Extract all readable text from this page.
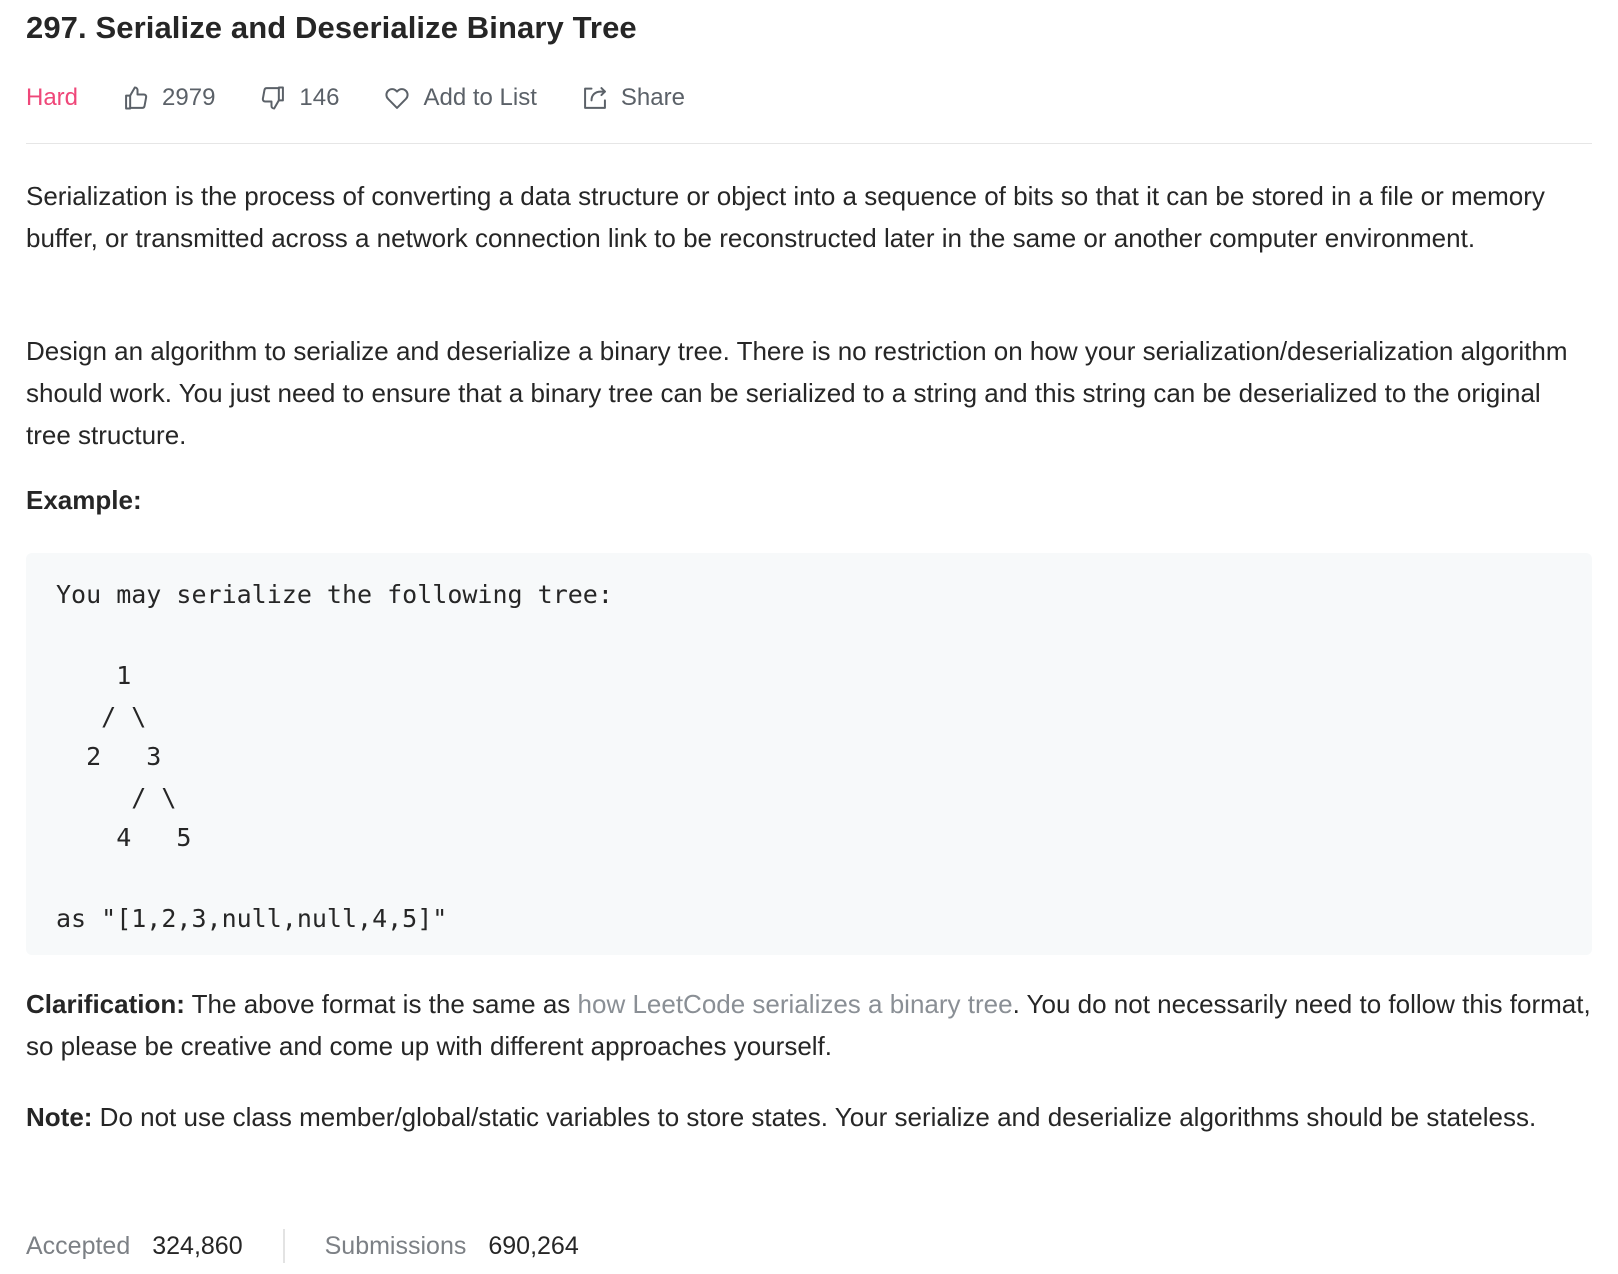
297. Serialize and Deserialize Binary Tree
Hard	2979	146	Add to List	Share

Serialization is the process of converting a data structure or object into a sequence of bits so that it can be stored in a file or memory buffer, or transmitted across a network connection link to be reconstructed later in the same or another computer environment.

Design an algorithm to serialize and deserialize a binary tree. There is no restriction on how your serialization/deserialization algorithm should work. You just need to ensure that a binary tree can be serialized to a string and this string can be deserialized to the original tree structure.

Example:
You may serialize the following tree:

1
/ \
2   3
/ \
4   5

as "[1,2,3,null,null,4,5]"

Clarification: The above format is the same as how LeetCode serializes a binary tree. You do not necessarily need to follow this format, so please be creative and come up with different approaches yourself.

Note: Do not use class member/global/static variables to store states. Your serialize and deserialize algorithms should be stateless.

Accepted 324,860	Submissions 690,264
